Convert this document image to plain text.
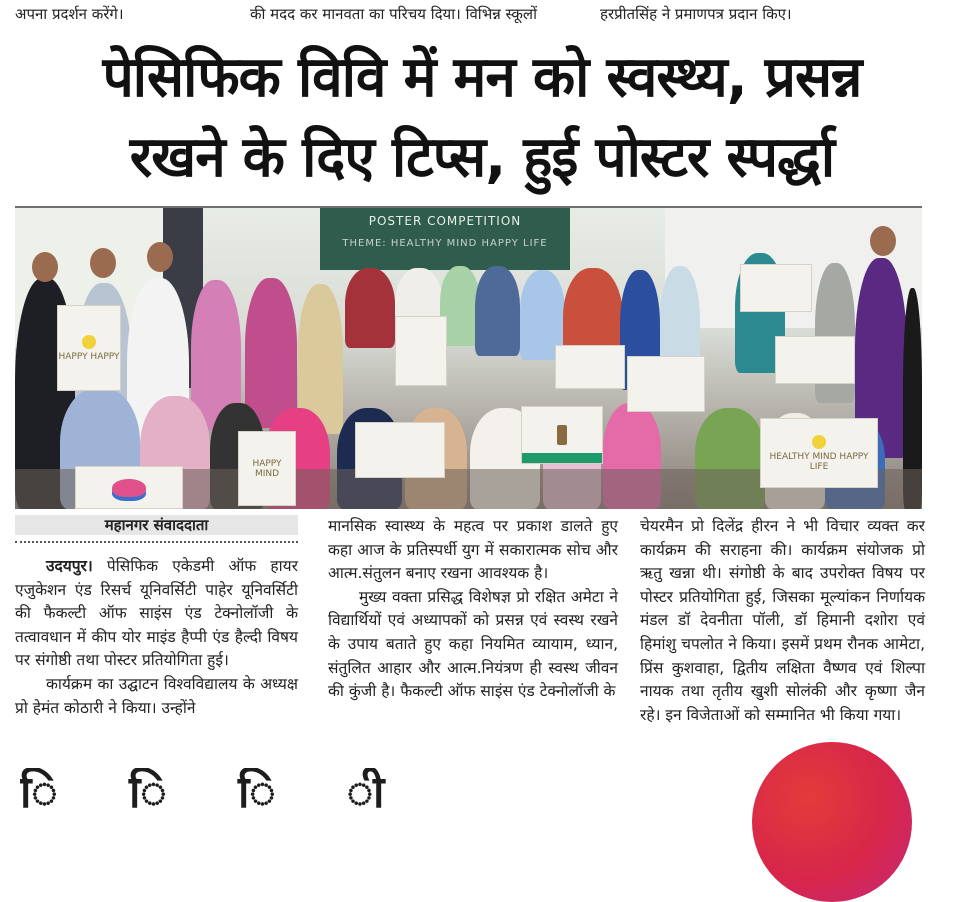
अपना प्रदर्शन करेंगे।	की मदद कर मानवता का परिचय दिया। विभिन्न स्कूलों	हरप्रीतसिंह ने प्रमाणपत्र प्रदान किए।
पेसिफिक विवि में मन को स्वस्थ्य, प्रसन्न
रखने के दिए टिप्स, हुई पोस्टर स्पर्द्धा
POSTER COMPETITION
THEME: HEALTHY MIND HAPPY LIFE
HAPPY HAPPY
HAPPY MIND
HEALTHY MIND HAPPY LIFE
महानगर संवाददाता

उदयपुर। पेसिफिक एकेडमी ऑफ हायर एजुकेशन एंड रिसर्च यूनिवर्सिटी पाहेर यूनिवर्सिटी की फैकल्टी ऑफ साइंस एंड टेक्नोलॉजी के तत्वावधान में कीप योर माइंड हैप्पी एंड हैल्दी विषय पर संगोष्ठी तथा पोस्टर प्रतियोगिता हुई।

कार्यक्रम का उद्घाटन विश्वविद्यालय के अध्यक्ष प्रो हेमंत कोठारी ने किया। उन्होंने

मानसिक स्वास्थ्य के महत्व पर प्रकाश डालते हुए कहा आज के प्रतिस्पर्धी युग में सकारात्मक सोच और आत्म.संतुलन बनाए रखना आवश्यक है।

मुख्य वक्ता प्रसिद्ध विशेषज्ञ प्रो रक्षित अमेटा ने विद्यार्थियों एवं अध्यापकों को प्रसन्न एवं स्वस्थ रखने के उपाय बताते हुए कहा नियमित व्यायाम, ध्यान, संतुलित आहार और आत्म.नियंत्रण ही स्वस्थ जीवन की कुंजी है। फैकल्टी ऑफ साइंस एंड टेक्नोलॉजी के

चेयरमैन प्रो दिलेंद्र हीरन ने भी विचार व्यक्त कर कार्यक्रम की सराहना की। कार्यक्रम संयोजक प्रो ऋतु खन्ना थी। संगोष्ठी के बाद उपरोक्त विषय पर पोस्टर प्रतियोगिता हुई, जिसका मूल्यांकन निर्णायक मंडल डॉ देवनीता पॉली, डॉ हिमानी दशोरा एवं हिमांशु चपलोत ने किया। इसमें प्रथम रौनक आमेटा, प्रिंस कुशवाहा, द्वितीय लक्षिता वैष्णव एवं शिल्पा नायक तथा तृतीय खुशी सोलंकी और कृष्णा जैन रहे। इन विजेताओं को सम्मानित भी किया गया।

ि ि ि ी
